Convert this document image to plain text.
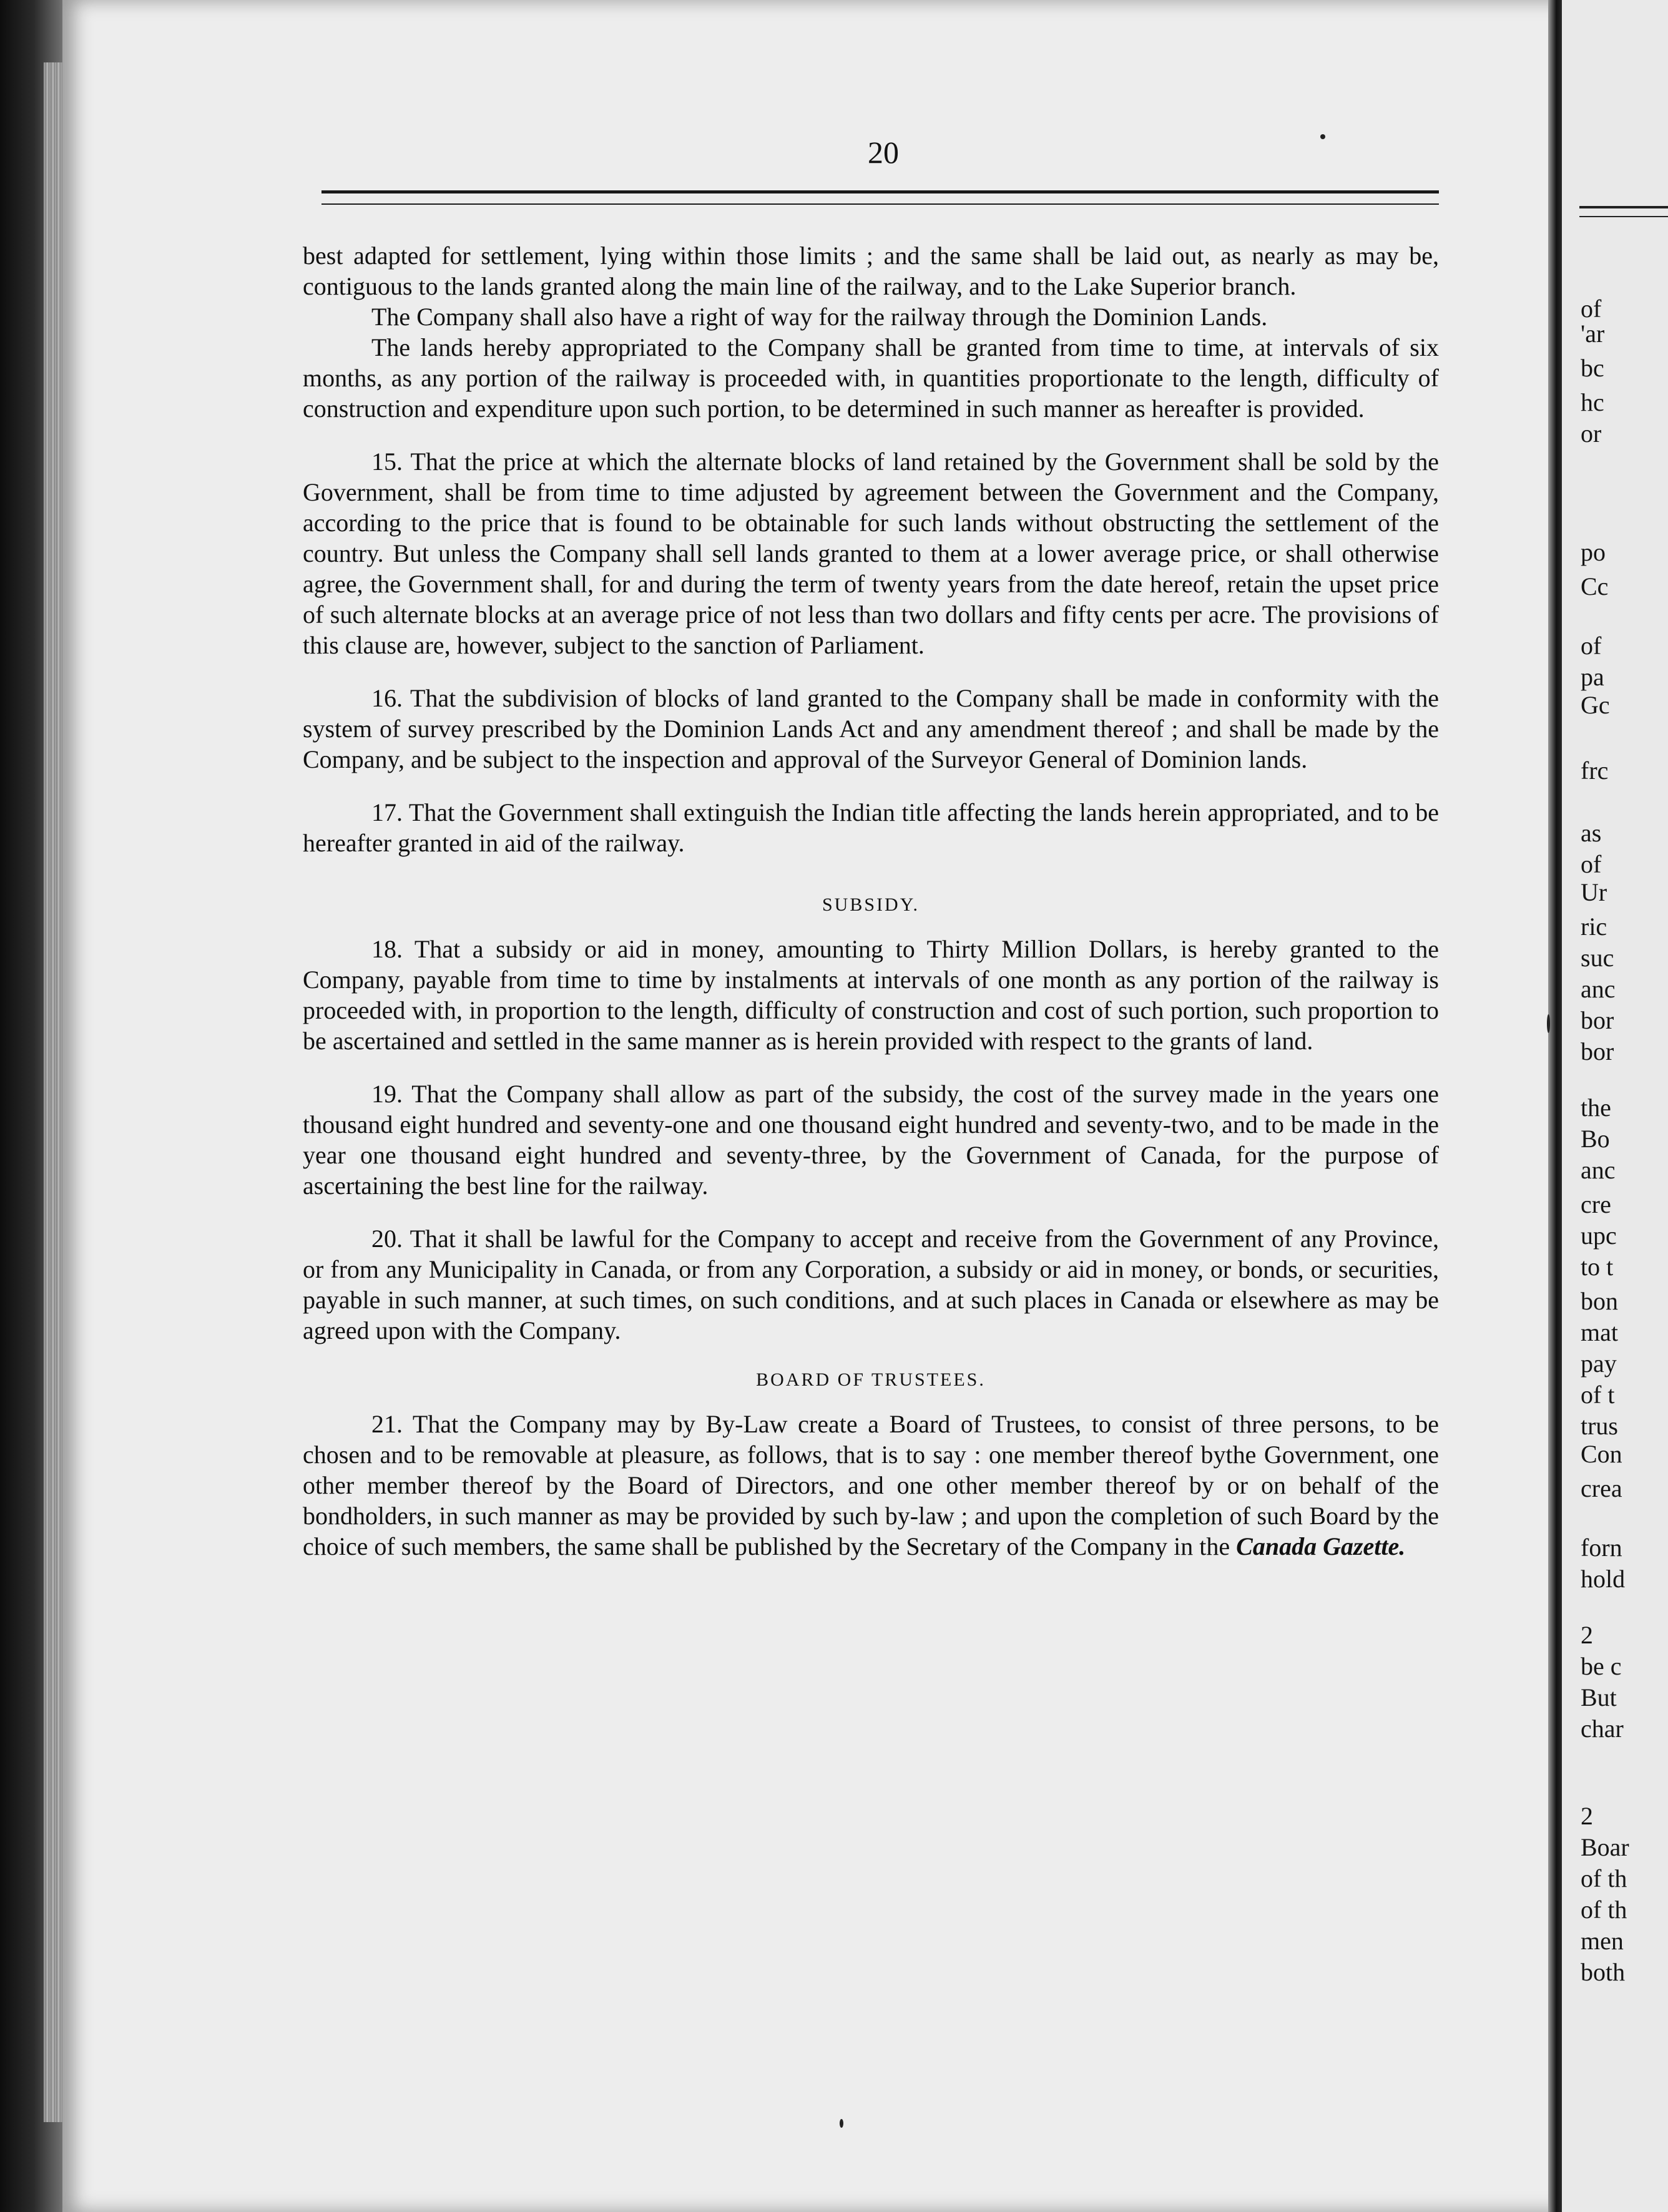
20

best adapted for settlement, lying within those limits ; and the same shall be laid out, as nearly as may be, contiguous to the lands granted along the main line of the railway, and to the Lake Superior branch.

The Company shall also have a right of way for the railway through the Dominion Lands.

The lands hereby appropriated to the Company shall be granted from time to time, at intervals of six months, as any portion of the railway is proceeded with, in quantities proportionate to the length, difficulty of construction and expenditure upon such portion, to be determined in such manner as hereafter is provided.

15. That the price at which the alternate blocks of land retained by the Government shall be sold by the Government, shall be from time to time adjusted by agreement between the Government and the Company, according to the price that is found to be obtainable for such lands without obstructing the settlement of the country. But unless the Company shall sell lands granted to them at a lower average price, or shall otherwise agree, the Government shall, for and during the term of twenty years from the date hereof, retain the upset price of such alternate blocks at an average price of not less than two dollars and fifty cents per acre. The provisions of this clause are, however, subject to the sanction of Parliament.

16. That the subdivision of blocks of land granted to the Company shall be made in conformity with the system of survey prescribed by the Dominion Lands Act and any amendment thereof ; and shall be made by the Company, and be subject to the inspection and approval of the Surveyor General of Dominion lands.

17. That the Government shall extinguish the Indian title affecting the lands herein appropriated, and to be hereafter granted in aid of the railway.

SUBSIDY.

18. That a subsidy or aid in money, amounting to Thirty Million Dollars, is hereby granted to the Company, payable from time to time by instalments at intervals of one month as any portion of the railway is proceeded with, in proportion to the length, difficulty of construction and cost of such portion, such proportion to be ascertained and settled in the same manner as is herein provided with respect to the grants of land.

19. That the Company shall allow as part of the subsidy, the cost of the survey made in the years one thousand eight hundred and seventy-one and one thousand eight hundred and seventy-two, and to be made in the year one thousand eight hundred and seventy-three, by the Government of Canada, for the purpose of ascertaining the best line for the railway.

20. That it shall be lawful for the Company to accept and receive from the Government of any Province, or from any Municipality in Canada, or from any Corporation, a subsidy or aid in money, or bonds, or securities, payable in such manner, at such times, on such conditions, and at such places in Canada or elsewhere as may be agreed upon with the Company.

BOARD OF TRUSTEES.

21. That the Company may by By-Law create a Board of Trustees, to consist of three persons, to be chosen and to be removable at pleasure, as follows, that is to say : one member thereof bythe Government, one other member thereof by the Board of Directors, and one other member thereof by or on behalf of the bondholders, in such manner as may be provided by such by-law ; and upon the completion of such Board by the choice of such members, the same shall be published by the Secretary of the Company in the Canada Gazette.

of
'ar
bc
hc
or
po
Cc
of
pa
Gc
frc
as
of
Ur
ric
suc
anc
bor
bor
the
Bo
anc
cre
upc
to t
bon
mat
pay
of t
trus
Con
crea
forn
hold
2
be c
But
char
2
Boar
of th
of th
men
both
